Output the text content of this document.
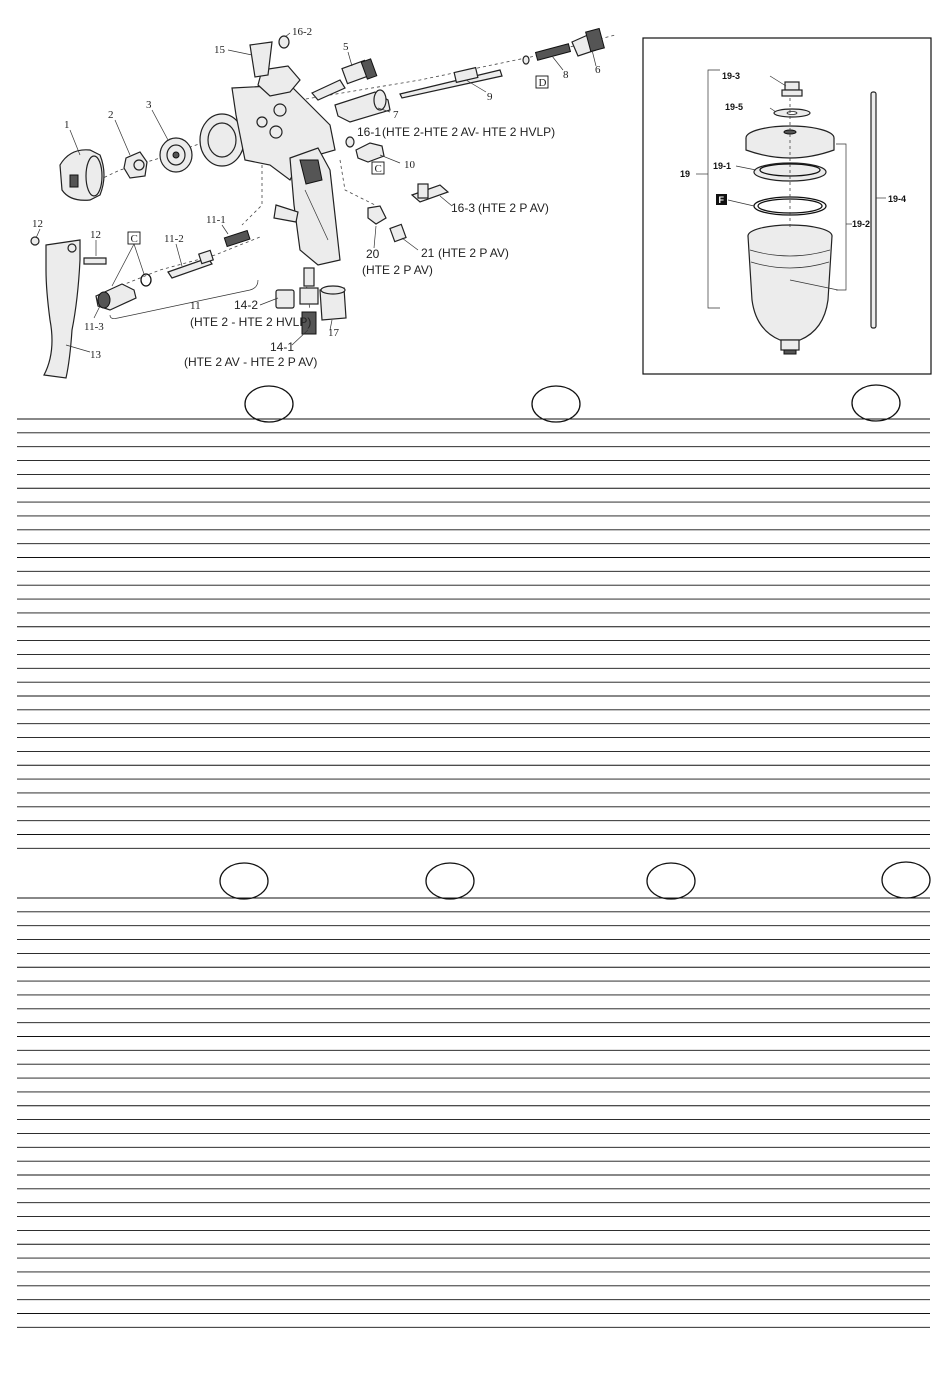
C
C
D
1
2
3
15
16-2
5
7
9
8 6
16-1 (HTE 2-HTE 2 AV- HTE 2 HVLP)
10
16-3 (HTE 2 P AV)
20
(HTE 2 P AV)
21 (HTE 2 P AV)
11-1
11-2
11
(HTE 2 - HTE 2 HVLP)
11-3
12
12
13
14-2
14-1
(HTE 2 AV - HTE 2 P AV)
17
19-3
19-5
19-1
19
19-2
19-4
F
